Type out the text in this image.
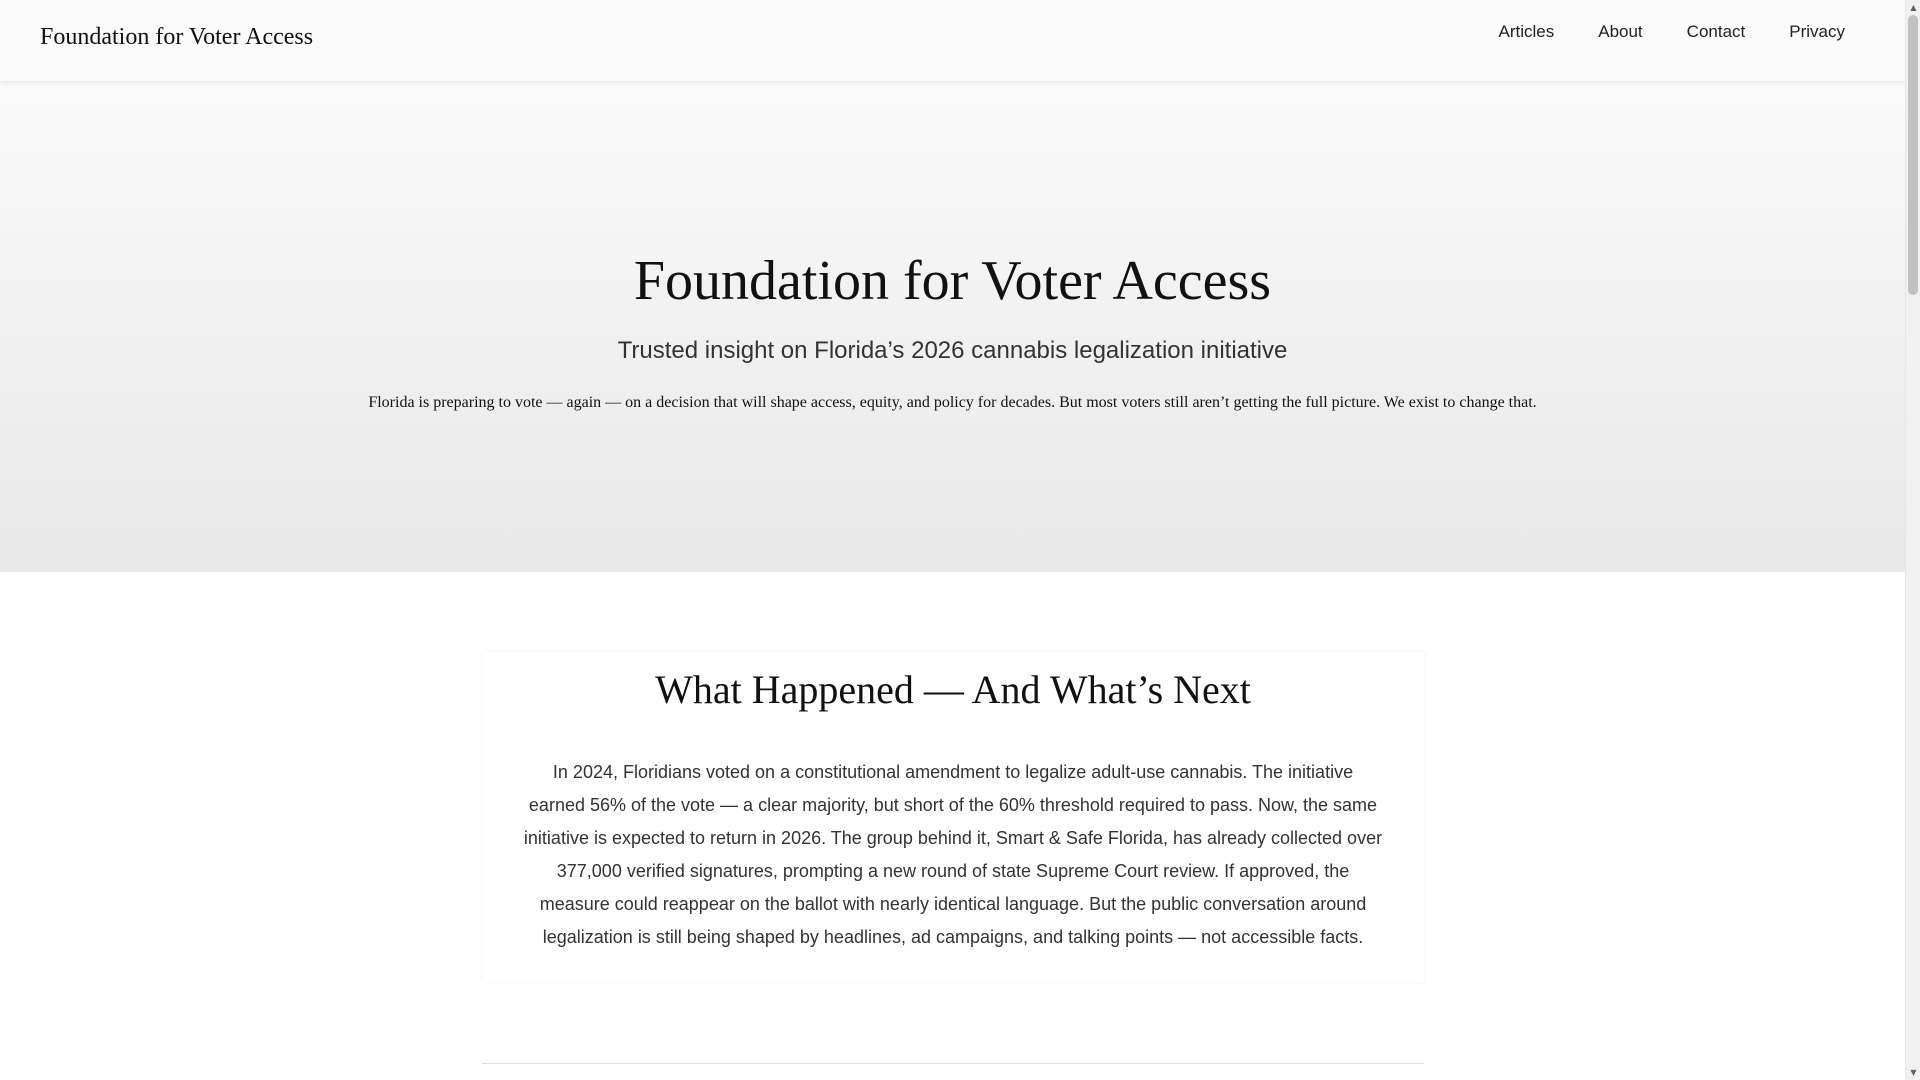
Foundation for Voter Access	Articles	About	Contact	Privacy
Foundation for Voter Access

Trusted insight on Florida’s 2026 cannabis legalization initiative

Florida is preparing to vote — again — on a decision that will shape access, equity, and policy for decades. But most voters still aren’t getting the full picture. We exist to change that.

What Happened — And What’s Next

In 2024, Floridians voted on a constitutional amendment to legalize adult-use cannabis. The initiative earned 56% of the vote — a clear majority, but short of the 60% threshold required to pass. Now, the same initiative is expected to return in 2026. The group behind it, Smart & Safe Florida, has already collected over 377,000 verified signatures, prompting a new round of state Supreme Court review. If approved, the measure could reappear on the ballot with nearly identical language. But the public conversation around legalization is still being shaped by headlines, ad campaigns, and talking points — not accessible facts.

▲
▼
